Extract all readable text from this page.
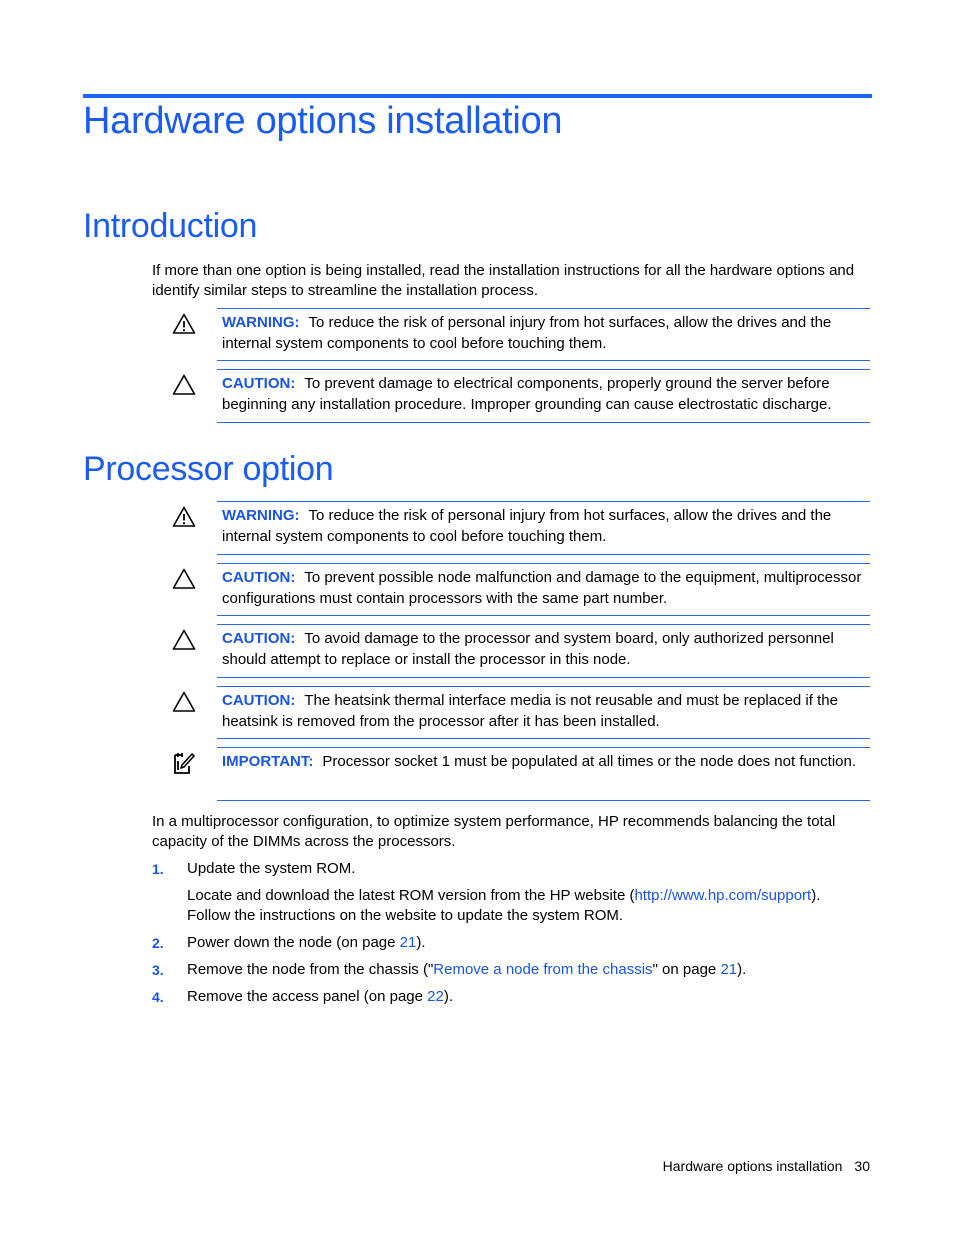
Hardware options installation
Introduction

If more than one option is being installed, read the installation instructions for all the hardware options and identify similar steps to streamline the installation process.

WARNING: To reduce the risk of personal injury from hot surfaces, allow the drives and the internal system components to cool before touching them.

CAUTION: To prevent damage to electrical components, properly ground the server before beginning any installation procedure. Improper grounding can cause electrostatic discharge.

Processor option

WARNING: To reduce the risk of personal injury from hot surfaces, allow the drives and the internal system components to cool before touching them.

CAUTION: To prevent possible node malfunction and damage to the equipment, multiprocessor configurations must contain processors with the same part number.

CAUTION: To avoid damage to the processor and system board, only authorized personnel should attempt to replace or install the processor in this node.

CAUTION: The heatsink thermal interface media is not reusable and must be replaced if the heatsink is removed from the processor after it has been installed.

IMPORTANT: Processor socket 1 must be populated at all times or the node does not function.

In a multiprocessor configuration, to optimize system performance, HP recommends balancing the total capacity of the DIMMs across the processors.

1. Update the system ROM.

Locate and download the latest ROM version from the HP website (http://www.hp.com/support). Follow the instructions on the website to update the system ROM.

2. Power down the node (on page 21).
3. Remove the node from the chassis ("Remove a node from the chassis" on page 21).
4. Remove the access panel (on page 22).
Hardware options installation 30
